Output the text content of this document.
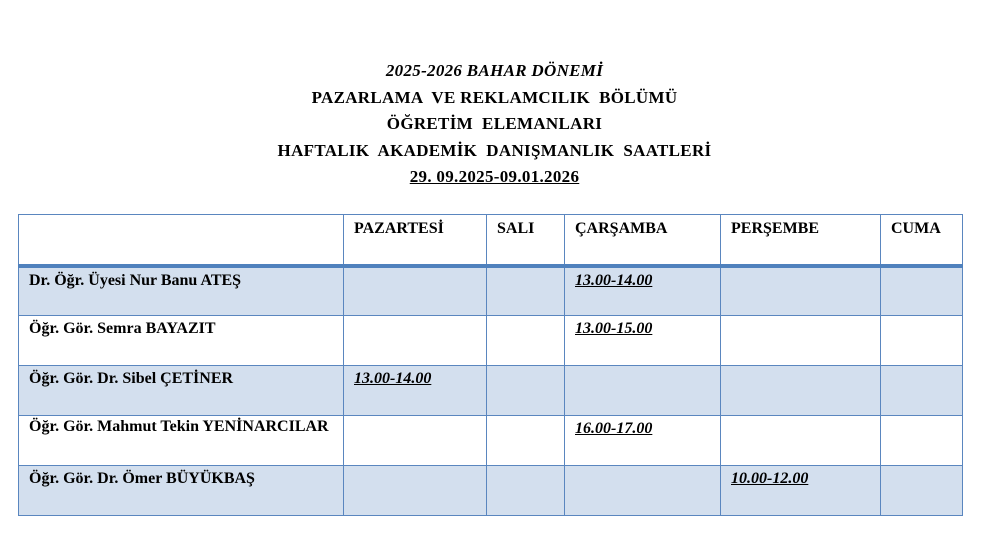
2025-2026 BAHAR DÖNEMİ
PAZARLAMA  VE REKLAMCILIK  BÖLÜMÜ
ÖĞRETİM  ELEMANLARI
HAFTALIK  AKADEMİK  DANIŞMANLIK  SAATLERİ
29. 09.2025-09.01.2026
	PAZARTESİ	SALI	ÇARŞAMBA	PERŞEMBE	CUMA
Dr. Öğr. Üyesi Nur Banu ATEŞ			13.00-14.00		
Öğr. Gör. Semra BAYAZIT			13.00-15.00		
Öğr. Gör. Dr. Sibel ÇETİNER	13.00-14.00				
Öğr. Gör. Mahmut Tekin YENİNARCILAR			16.00-17.00		
Öğr. Gör. Dr. Ömer BÜYÜKBAŞ				10.00-12.00	
